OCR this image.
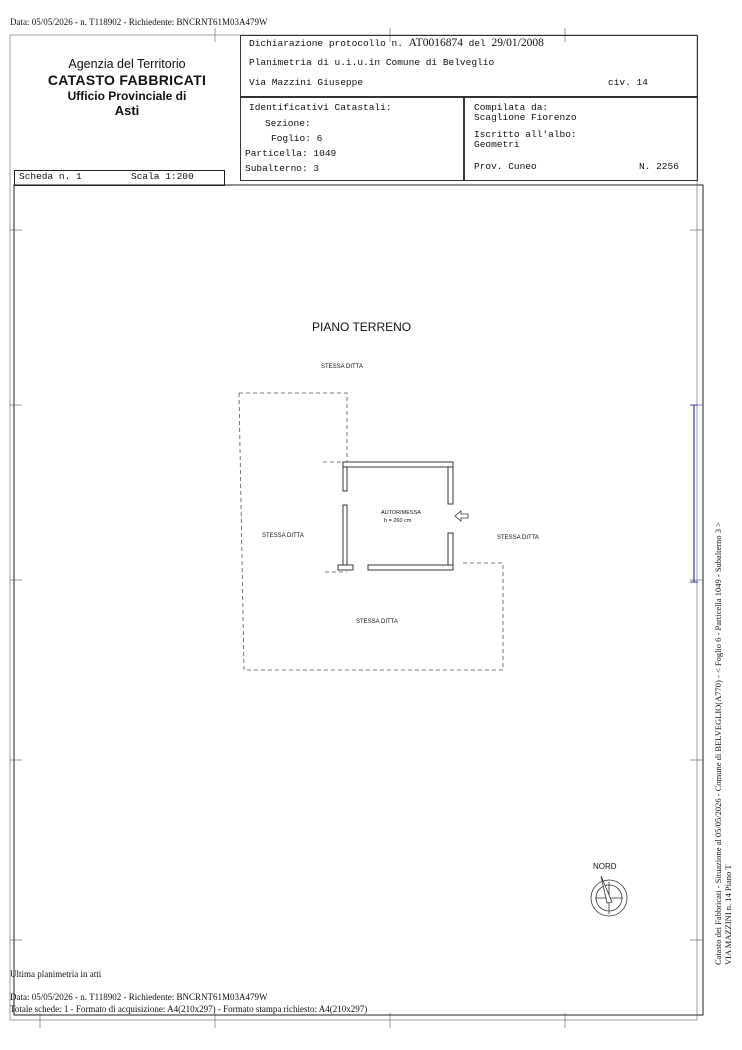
Data: 05/05/2026 - n. T118902 - Richiedente: BNCRNT61M03A479W
Agenzia del Territorio
CATASTO FABBRICATI
Ufficio Provinciale di
Asti
Dichiarazione protocollo n. AT0016874 del 29/01/2008
Planimetria di u.i.u.in Comune di Belveglio
Via Mazzini Giuseppe	civ. 14
Identificativi Catastali:
Sezione:
Foglio: 6
Particella: 1049
Subalterno: 3
Compilata da:
Scaglione Fiorenzo
Iscritto all'albo:
Geometri
Prov. Cuneo	N. 2256
Scheda n. 1	Scala 1:200
PIANO TERRENO
STESSA DITTA
STESSA DITTA	STESSA DITTA
STESSA DITTA
AUTORIMESSA
h = 260 cm
NORD	Catasto dei Fabbricati - Situazione al 05/05/2026 - Comune di BELVEGLIO(A770) - < Foglio 6 - Particella 1049 - Subalterno 3 > VIA MAZZINI n. 14 Piano T
Ultima planimetria in atti
Data: 05/05/2026 - n. T118902 - Richiedente: BNCRNT61M03A479W
Totale schede: 1 - Formato di acquisizione: A4(210x297) - Formato stampa richiesto: A4(210x297)
